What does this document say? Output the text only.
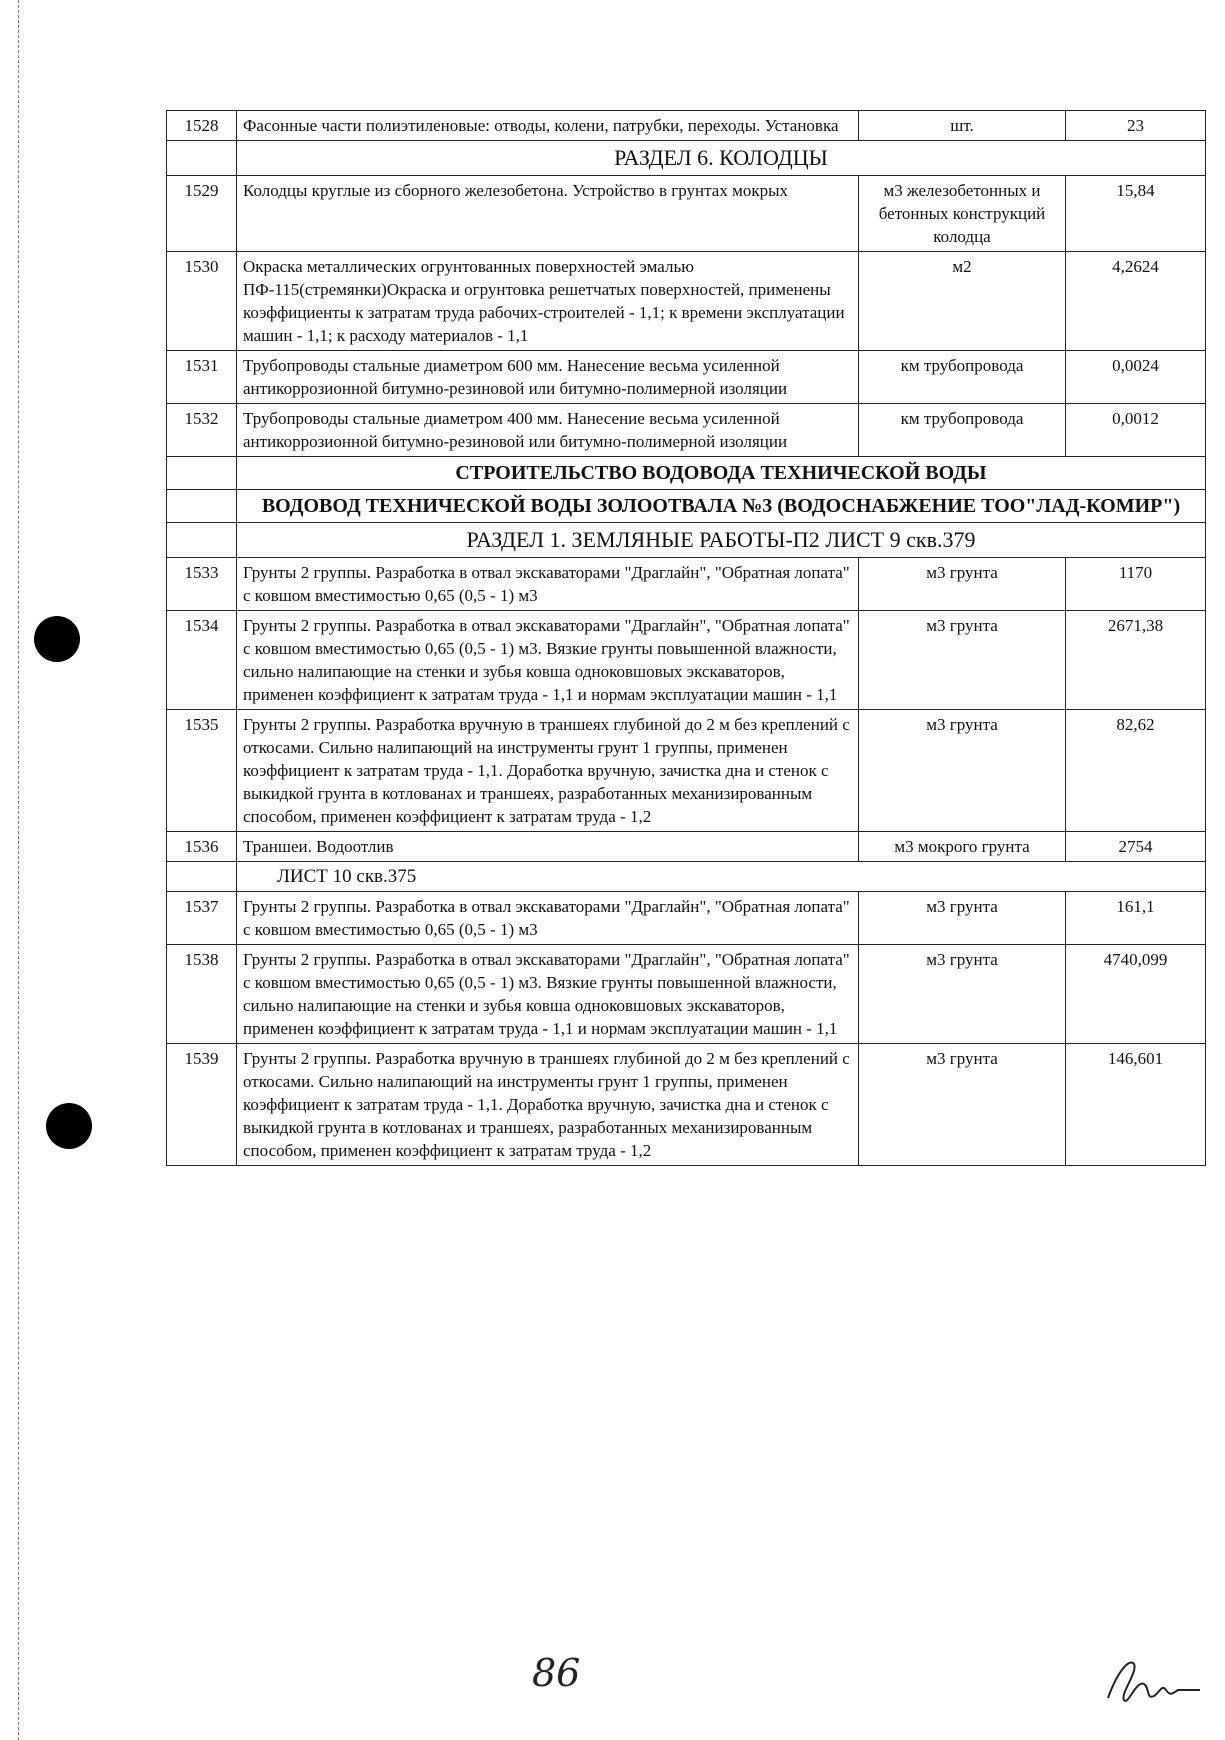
1528	Фасонные части полиэтиленовые: отводы, колени, патрубки, переходы. Установка	шт.	23
	РАЗДЕЛ 6. КОЛОДЦЫ		
1529	Колодцы круглые из сборного железобетона. Устройство в грунтах мокрых	м3 железобетонных и бетонных конструкций колодца	15,84
1530	Окраска металлических огрунтованных поверхностей эмалью ПФ-115(стремянки)Окраска и огрунтовка решетчатых поверхностей, применены коэффициенты к затратам труда рабочих-строителей - 1,1; к времени эксплуатации машин - 1,1; к расходу материалов - 1,1	м2	4,2624
1531	Трубопроводы стальные диаметром 600 мм. Нанесение весьма усиленной антикоррозионной битумно-резиновой или битумно-полимерной изоляции	км трубопровода	0,0024
1532	Трубопроводы стальные диаметром 400 мм. Нанесение весьма усиленной антикоррозионной битумно-резиновой или битумно-полимерной изоляции	км трубопровода	0,0012
	СТРОИТЕЛЬСТВО ВОДОВОДА ТЕХНИЧЕСКОЙ ВОДЫ		
	ВОДОВОД ТЕХНИЧЕСКОЙ ВОДЫ ЗОЛООТВАЛА №3 (ВОДОСНАБЖЕНИЕ ТОО"ЛАД-КОМИР")		
	РАЗДЕЛ 1. ЗЕМЛЯНЫЕ РАБОТЫ-П2 ЛИСТ 9 скв.379		
1533	Грунты 2 группы. Разработка в отвал экскаваторами "Драглайн", "Обратная лопата" с ковшом вместимостью 0,65 (0,5 - 1) м3	м3 грунта	1170
1534	Грунты 2 группы. Разработка в отвал экскаваторами "Драглайн", "Обратная лопата" с ковшом вместимостью 0,65 (0,5 - 1) м3. Вязкие грунты повышенной влажности, сильно налипающие на стенки и зубья ковша одноковшовых экскаваторов, применен коэффициент к затратам труда - 1,1 и нормам эксплуатации машин - 1,1	м3 грунта	2671,38
1535	Грунты 2 группы. Разработка вручную в траншеях глубиной до 2 м без креплений с откосами. Сильно налипающий на инструменты грунт 1 группы, применен коэффициент к затратам труда - 1,1. Доработка вручную, зачистка дна и стенок с выкидкой грунта в котлованах и траншеях, разработанных механизированным способом, применен коэффициент к затратам труда - 1,2	м3 грунта	82,62
1536	Траншеи. Водоотлив	м3 мокрого грунта	2754
	ЛИСТ 10 скв.375		
1537	Грунты 2 группы. Разработка в отвал экскаваторами "Драглайн", "Обратная лопата" с ковшом вместимостью 0,65 (0,5 - 1) м3	м3 грунта	161,1
1538	Грунты 2 группы. Разработка в отвал экскаваторами "Драглайн", "Обратная лопата" с ковшом вместимостью 0,65 (0,5 - 1) м3. Вязкие грунты повышенной влажности, сильно налипающие на стенки и зубья ковша одноковшовых экскаваторов, применен коэффициент к затратам труда - 1,1 и нормам эксплуатации машин - 1,1	м3 грунта	4740,099
1539	Грунты 2 группы. Разработка вручную в траншеях глубиной до 2 м без креплений с откосами. Сильно налипающий на инструменты грунт 1 группы, применен коэффициент к затратам труда - 1,1. Доработка вручную, зачистка дна и стенок с выкидкой грунта в котлованах и траншеях, разработанных механизированным способом, применен коэффициент к затратам труда - 1,2	м3 грунта	146,601
86
